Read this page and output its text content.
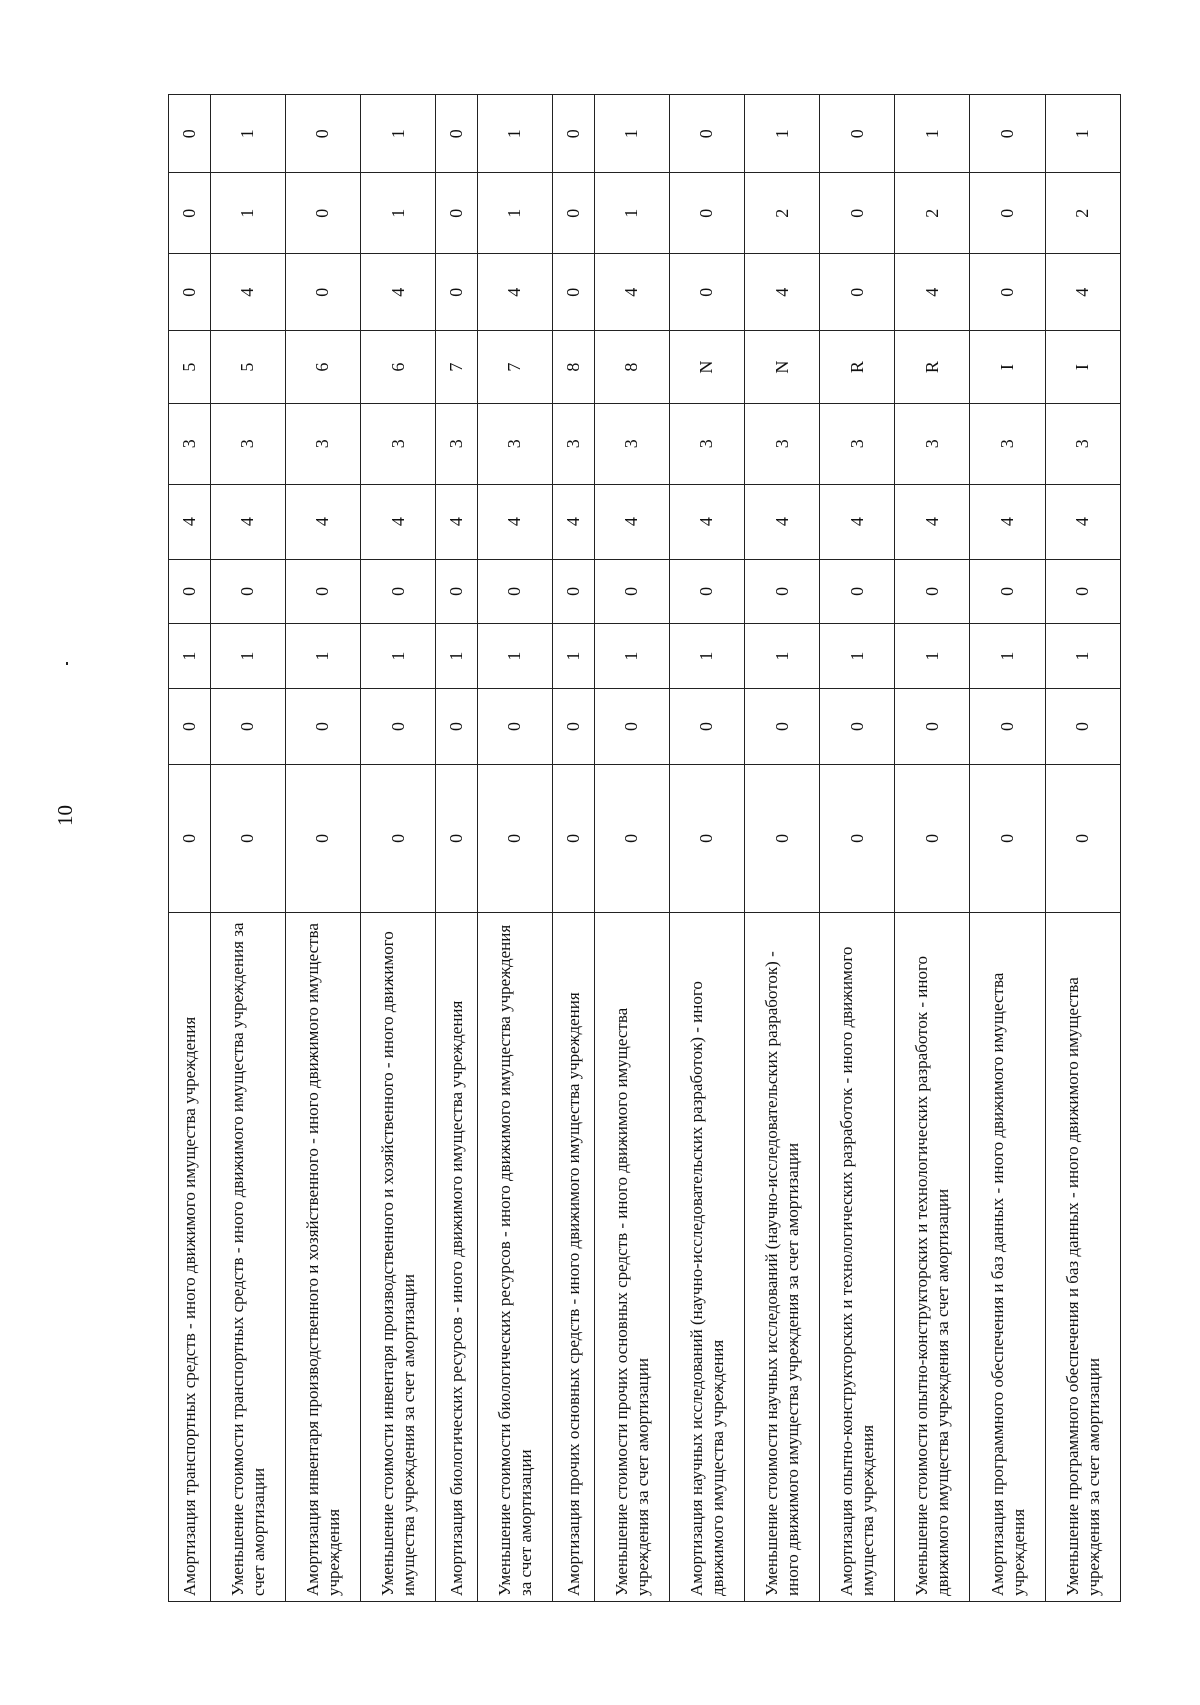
10
Амортизация транспортных средств - иного движимого имущества учреждения	0	0	1	0	4	3	5	0	0	0
Уменьшение стоимости транспортных средств - иного движимого имущества учреждения за счет амортизации	0	0	1	0	4	3	5	4	1	1
Амортизация инвентаря производственного и хозяйственного - иного движимого имущества учреждения	0	0	1	0	4	3	6	0	0	0
Уменьшение стоимости инвентаря производственного и хозяйственного - иного движимого имущества учреждения за счет амортизации	0	0	1	0	4	3	6	4	1	1
Амортизация биологических ресурсов - иного движимого имущества учреждения	0	0	1	0	4	3	7	0	0	0
Уменьшение стоимости биологических ресурсов - иного движимого имущества учреждения за счет амортизации	0	0	1	0	4	3	7	4	1	1
Амортизация прочих основных средств - иного движимого имущества учреждения	0	0	1	0	4	3	8	0	0	0
Уменьшение стоимости прочих основных средств - иного движимого имущества учреждения за счет амортизации	0	0	1	0	4	3	8	4	1	1
Амортизация научных исследований (научно-исследовательских разработок) - иного движимого имущества учреждения	0	0	1	0	4	3	N	0	0	0
Уменьшение стоимости научных исследований (научно-исследовательских разработок) - иного движимого имущества учреждения за счет амортизации	0	0	1	0	4	3	N	4	2	1
Амортизация опытно-конструкторских и технологических разработок - иного движимого имущества учреждения	0	0	1	0	4	3	R	0	0	0
Уменьшение стоимости опытно-конструкторских и технологических разработок - иного движимого имущества учреждения за счет амортизации	0	0	1	0	4	3	R	4	2	1
Амортизация программного обеспечения и баз данных - иного движимого имущества учреждения	0	0	1	0	4	3	I	0	0	0
Уменьшение программного обеспечения и баз данных - иного движимого имущества учреждения за счет амортизации	0	0	1	0	4	3	I	4	2	1
